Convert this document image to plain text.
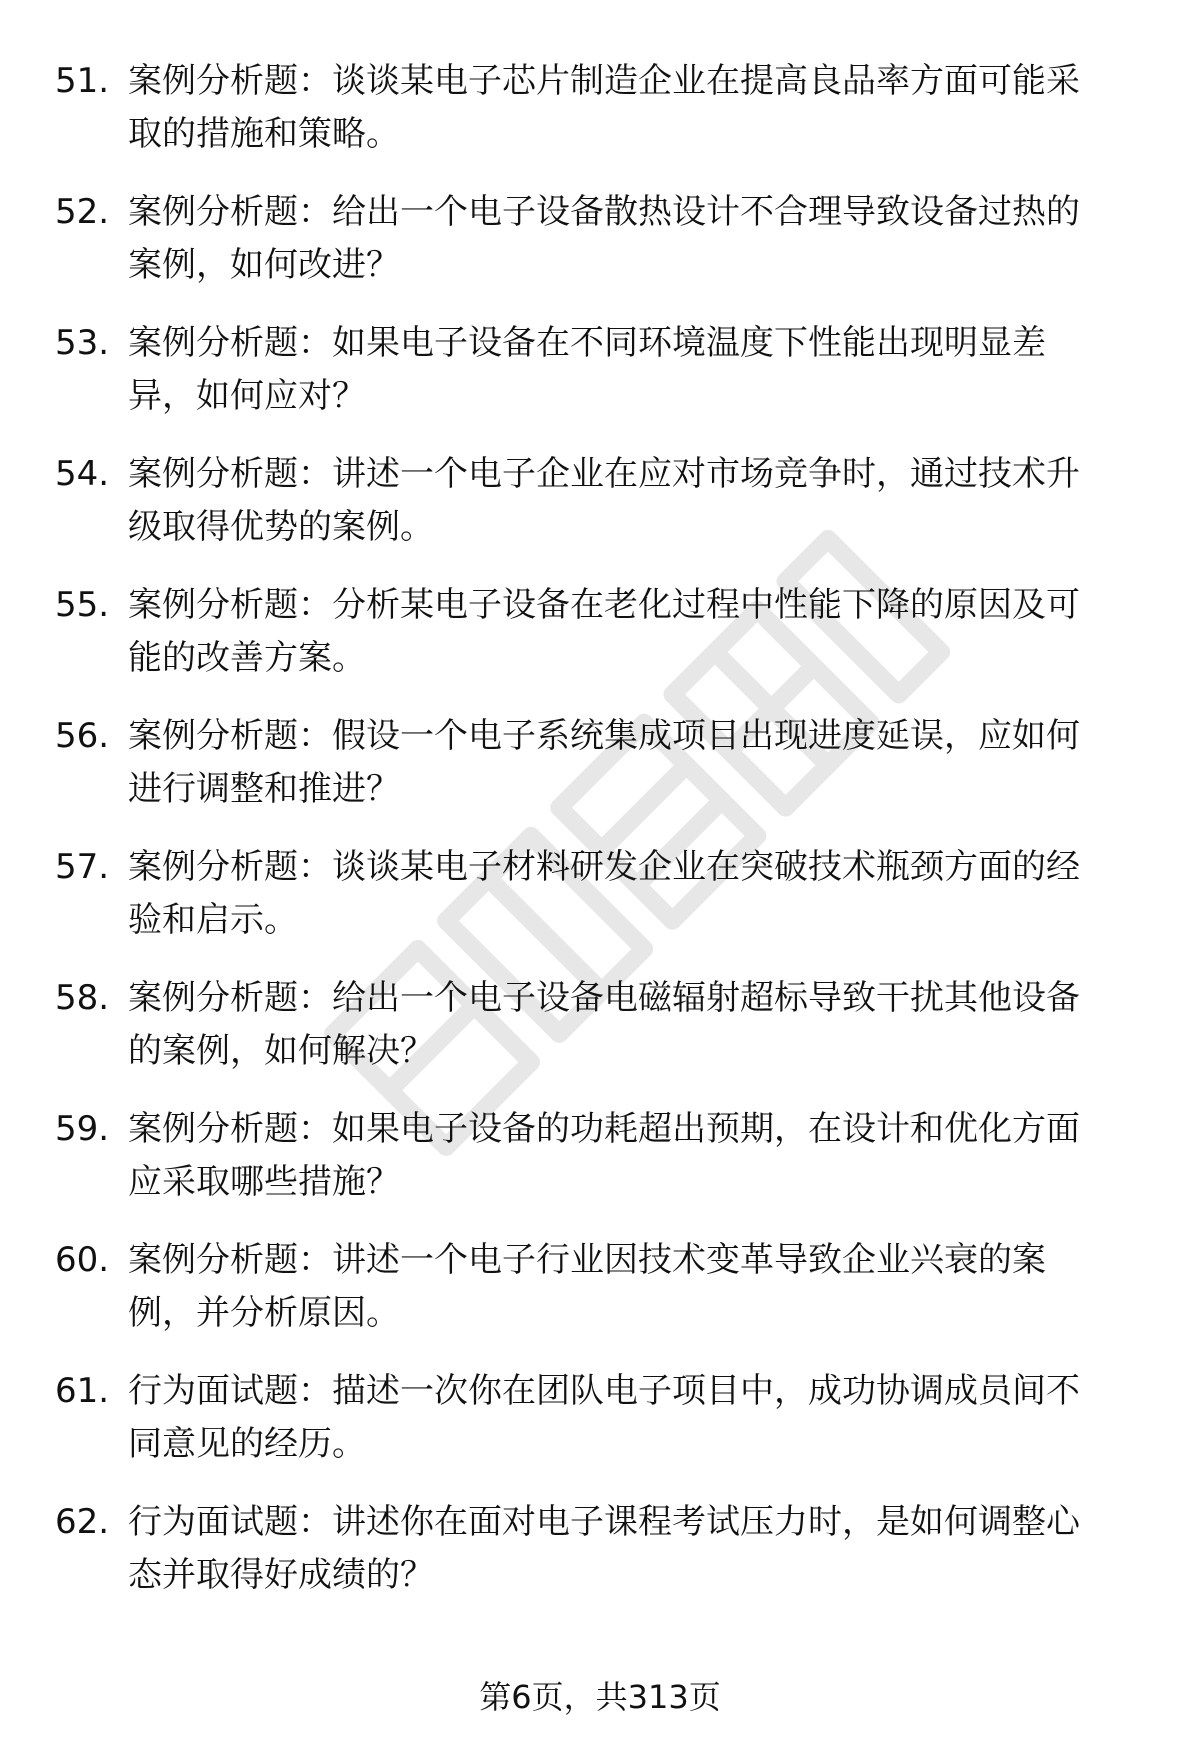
51. 案例分析题：谈谈某电子芯片制造企业在提高良品率方面可能采
取的措施和策略。
52. 案例分析题：给出一个电子设备散热设计不合理导致设备过热的
案例，如何改进？
53. 案例分析题：如果电子设备在不同环境温度下性能出现明显差
异，如何应对？
54. 案例分析题：讲述一个电子企业在应对市场竞争时，通过技术升
级取得优势的案例。
55. 案例分析题：分析某电子设备在老化过程中性能下降的原因及可
能的改善方案。
56. 案例分析题：假设一个电子系统集成项目出现进度延误，应如何
进行调整和推进？
57. 案例分析题：谈谈某电子材料研发企业在突破技术瓶颈方面的经
验和启示。
58. 案例分析题：给出一个电子设备电磁辐射超标导致干扰其他设备
的案例，如何解决？
59. 案例分析题：如果电子设备的功耗超出预期，在设计和优化方面
应采取哪些措施？
60. 案例分析题：讲述一个电子行业因技术变革导致企业兴衰的案
例，并分析原因。
61. 行为面试题：描述一次你在团队电子项目中，成功协调成员间不
同意见的经历。
62. 行为面试题：讲述你在面对电子课程考试压力时，是如何调整心
态并取得好成绩的？
第6页，共313页
